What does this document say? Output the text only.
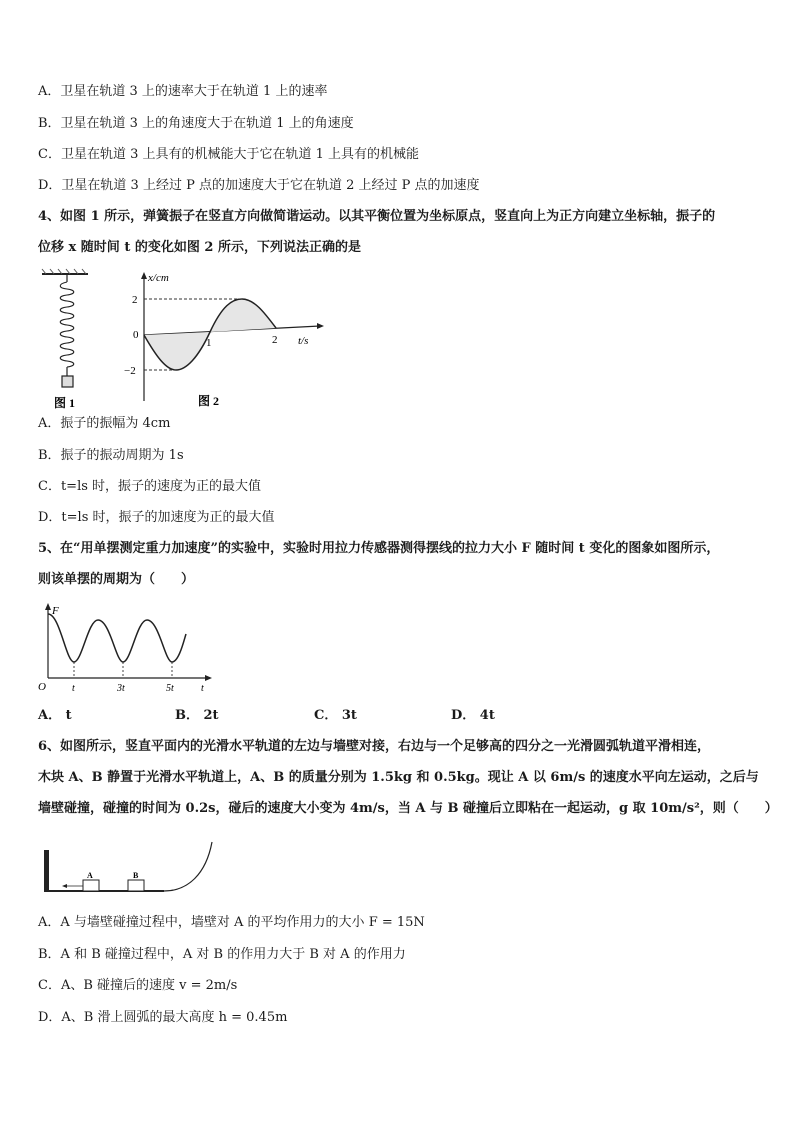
A．卫星在轨道 3 上的速率大于在轨道 1 上的速率
B．卫星在轨道 3 上的角速度大于在轨道 1 上的角速度
C．卫星在轨道 3 上具有的机械能大于它在轨道 1 上具有的机械能
D．卫星在轨道 3 上经过 P 点的加速度大于它在轨道 2 上经过 P 点的加速度
4、如图 1 所示，弹簧振子在竖直方向做简谐运动。以其平衡位置为坐标原点，竖直向上为正方向建立坐标轴，振子的
位移 x 随时间 t 的变化如图 2 所示，下列说法正确的是
图 1
x/cm
t/s
2
0
−2
1	2
图 2
A．振子的振幅为 4cm
B．振子的振动周期为 1s
C．t=ls 时，振子的速度为正的最大值
D．t=ls 时，振子的加速度为正的最大值
5、在“用单摆测定重力加速度”的实验中，实验时用拉力传感器测得摆线的拉力大小 F 随时间 t 变化的图象如图所示，
则该单摆的周期为（　　）
F
O	t	3t	5t	t
A． t	B． 2t	C． 3t	D． 4t
6、如图所示，竖直平面内的光滑水平轨道的左边与墙壁对接，右边与一个足够高的四分之一光滑圆弧轨道平滑相连，
木块 A、B 静置于光滑水平轨道上，A、B 的质量分别为 1.5kg 和 0.5kg。现让 A 以 6m/s 的速度水平向左运动，之后与
墙壁碰撞，碰撞的时间为 0.2s，碰后的速度大小变为 4m/s，当 A 与 B 碰撞后立即粘在一起运动，g 取 10m/s²，则（　　）
A	B
A．A 与墙壁碰撞过程中，墙壁对 A 的平均作用力的大小 F = 15N
B．A 和 B 碰撞过程中，A 对 B 的作用力大于 B 对 A 的作用力
C．A、B 碰撞后的速度 v = 2m/s
D．A、B 滑上圆弧的最大高度 h = 0.45m
